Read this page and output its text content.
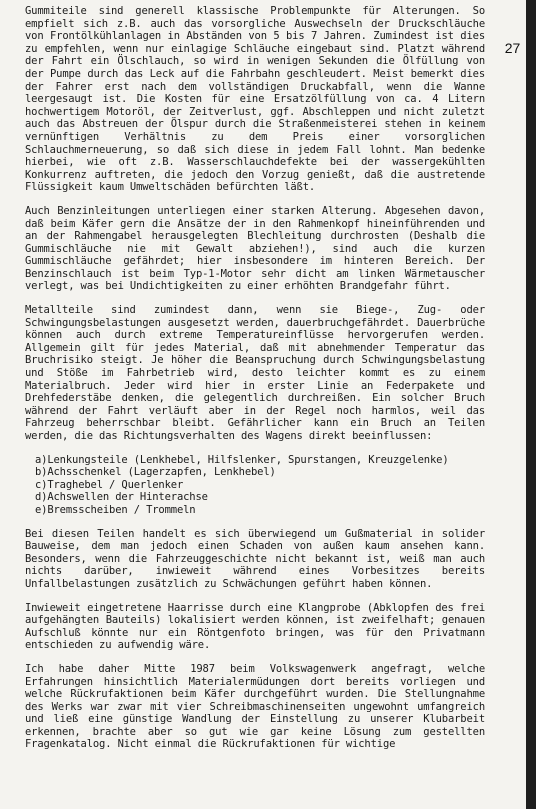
27

Gummiteile sind generell klassische Problempunkte für Alterungen. So empfielt sich z.B. auch das vorsorgliche Auswechseln der Druckschläuche von Frontölkühlanlagen in Abständen von 5 bis 7 Jahren. Zumindest ist dies zu empfehlen, wenn nur einlagige Schläuche eingebaut sind. Platzt während der Fahrt ein Ölschlauch, so wird in wenigen Sekunden die Ölfüllung von der Pumpe durch das Leck auf die Fahrbahn geschleudert. Meist bemerkt dies der Fahrer erst nach dem vollständigen Druckabfall, wenn die Wanne leergesaugt ist. Die Kosten für eine Ersatzölfüllung von ca. 4 Litern hochwertigem Motoröl, der Zeitverlust, ggf. Abschleppen und nicht zuletzt auch das Abstreuen der Ölspur durch die Straßenmeisterei stehen in keinem vernünftigen Verhältnis zu dem Preis einer vorsorglichen Schlauchmerneuerung, so daß sich diese in jedem Fall lohnt. Man bedenke hierbei, wie oft z.B. Wasserschlauchdefekte bei der wassergekühlten Konkurrenz auftreten, die jedoch den Vorzug genießt, daß die austretende Flüssigkeit kaum Umweltschäden befürchten läßt.

Auch Benzinleitungen unterliegen einer starken Alterung. Abgesehen davon, daß beim Käfer gern die Ansätze der in den Rahmenkopf hineinführenden und an der Rahmengabel herausgelegten Blechleitung durchrosten (Deshalb die Gummischläuche nie mit Gewalt abziehen!), sind auch die kurzen Gummischläuche gefährdet; hier insbesondere im hinteren Bereich. Der Benzinschlauch ist beim Typ-1-Motor sehr dicht am linken Wärmetauscher verlegt, was bei Undichtigkeiten zu einer erhöhten Brandgefahr führt.

Metallteile sind zumindest dann, wenn sie Biege-, Zug- oder Schwingungsbelastungen ausgesetzt werden, dauerbruchgefährdet. Dauerbrüche können auch durch extreme Temperatureinflüsse hervorgerufen werden. Allgemein gilt für jedes Material, daß mit abnehmender Temperatur das Bruchrisiko steigt. Je höher die Beanspruchung durch Schwingungsbelastung und Stöße im Fahrbetrieb wird, desto leichter kommt es zu einem Materialbruch. Jeder wird hier in erster Linie an Federpakete und Drehfederstäbe denken, die gelegentlich durchreißen. Ein solcher Bruch während der Fahrt verläuft aber in der Regel noch harmlos, weil das Fahrzeug beherrschbar bleibt. Gefährlicher kann ein Bruch an Teilen werden, die das Richtungsverhalten des Wagens direkt beeinflussen:

a)Lenkungsteile (Lenkhebel, Hilfslenker, Spurstangen, Kreuzgelenke)
b)Achsschenkel (Lagerzapfen, Lenkhebel)
c)Traghebel / Querlenker
d)Achswellen der Hinterachse
e)Bremsscheiben / Trommeln

Bei diesen Teilen handelt es sich überwiegend um Gußmaterial in solider Bauweise, dem man jedoch einen Schaden von außen kaum ansehen kann. Besonders, wenn die Fahrzeuggeschichte nicht bekannt ist, weiß man auch nichts darüber, inwieweit während eines Vorbesitzes bereits Unfallbelastungen zusätzlich zu Schwächungen geführt haben können.

Inwieweit eingetretene Haarrisse durch eine Klangprobe (Abklopfen des frei aufgehängten Bauteils) lokalisiert werden können, ist zweifelhaft; genauen Aufschluß könnte nur ein Röntgenfoto bringen, was für den Privatmann entschieden zu aufwendig wäre.

Ich habe daher Mitte 1987 beim Volkswagenwerk angefragt, welche Erfahrungen hinsichtlich Materialermüdungen dort bereits vorliegen und welche Rückrufaktionen beim Käfer durchgeführt wurden. Die Stellungnahme des Werks war zwar mit vier Schreibmaschinenseiten ungewohnt umfangreich und ließ eine günstige Wandlung der Einstellung zu unserer Klubarbeit erkennen, brachte aber so gut wie gar keine Lösung zum gestellten Fragenkatalog. Nicht einmal die Rückrufaktionen für wichtige
